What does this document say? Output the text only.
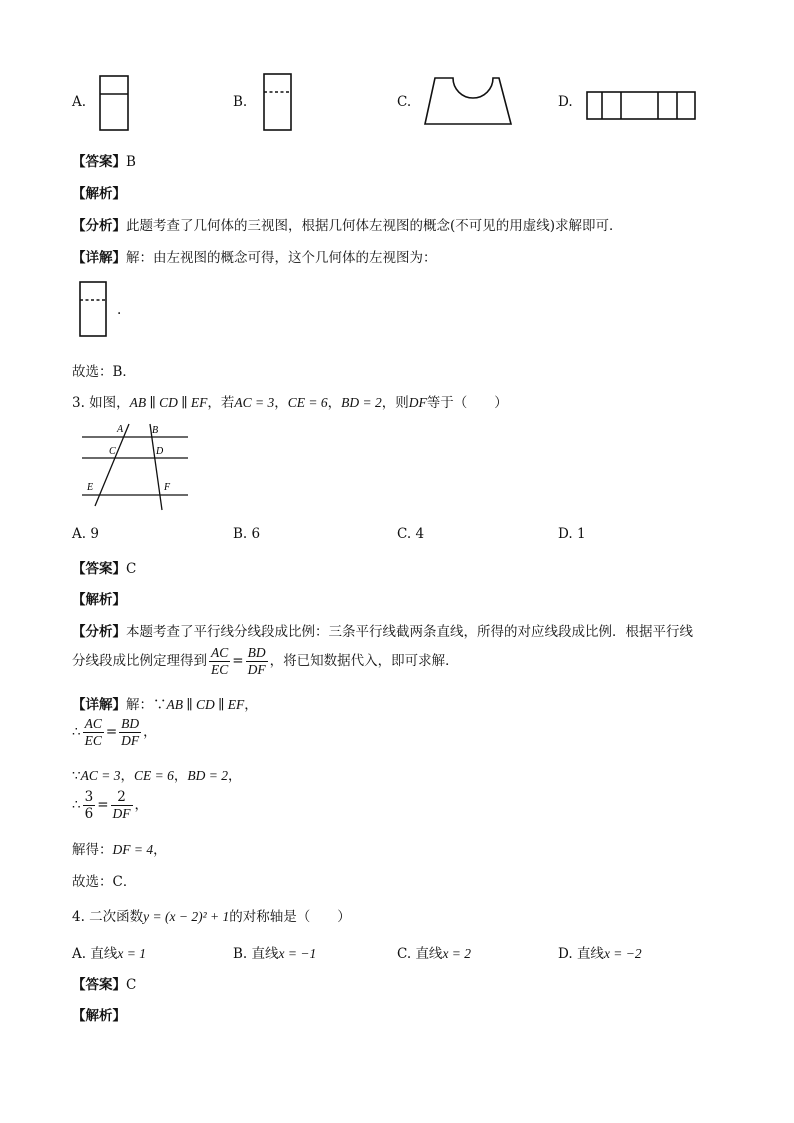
A.	B.	C.	D.
【答案】B
【解析】
【分析】此题考查了几何体的三视图，根据几何体左视图的概念(不可见的用虚线)求解即可．
【详解】解：由左视图的概念可得，这个几何体的左视图为：
.
故选：B．
3. 如图，AB ∥ CD ∥ EF，若AC = 3，CE = 6，BD = 2，则DF等于（　　）
A	B
C	D
E	F
A. 9	B. 6	C. 4	D. 1
【答案】C
【解析】
【分析】本题考查了平行线分线段成比例：三条平行线截两条直线，所得的对应线段成比例．根据平行线
分线段成比例定理得到 $\frac{AC}{EC} = \frac{BD}{DF}$ ，将已知数据代入，即可求解．
【详解】解：∵AB ∥ CD ∥ EF，
∴ $\frac{AC}{EC} = \frac{BD}{DF}$ ，
∵AC = 3，CE = 6，BD = 2，
∴ $\frac{3}{6} = \frac{2}{DF}$ ，
解得：DF = 4，
故选：C．
4. 二次函数y = (x − 2)² + 1的对称轴是（　　）
A. 直线x = 1	B. 直线x = −1	C. 直线x = 2	D. 直线x = −2
【答案】C
【解析】
